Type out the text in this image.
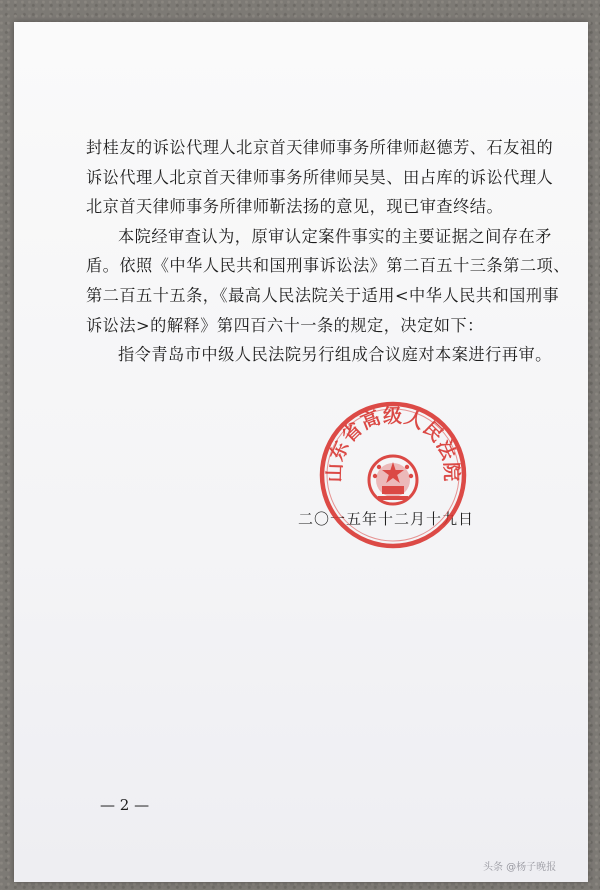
封桂友的诉讼代理人北京首天律师事务所律师赵德芳、石友祖的
诉讼代理人北京首天律师事务所律师吴昊、田占库的诉讼代理人
北京首天律师事务所律师靳法扬的意见，现已审查终结。
本院经审查认为，原审认定案件事实的主要证据之间存在矛
盾。依照《中华人民共和国刑事诉讼法》第二百五十三条第二项、
第二百五十五条，《最高人民法院关于适用<中华人民共和国刑事
诉讼法>的解释》第四百六十一条的规定，决定如下：
指令青岛市中级人民法院另行组成合议庭对本案进行再审。
二〇一五年十二月十九日
山东省高级人民法院
— 2 —
头条 @杨子晚报
